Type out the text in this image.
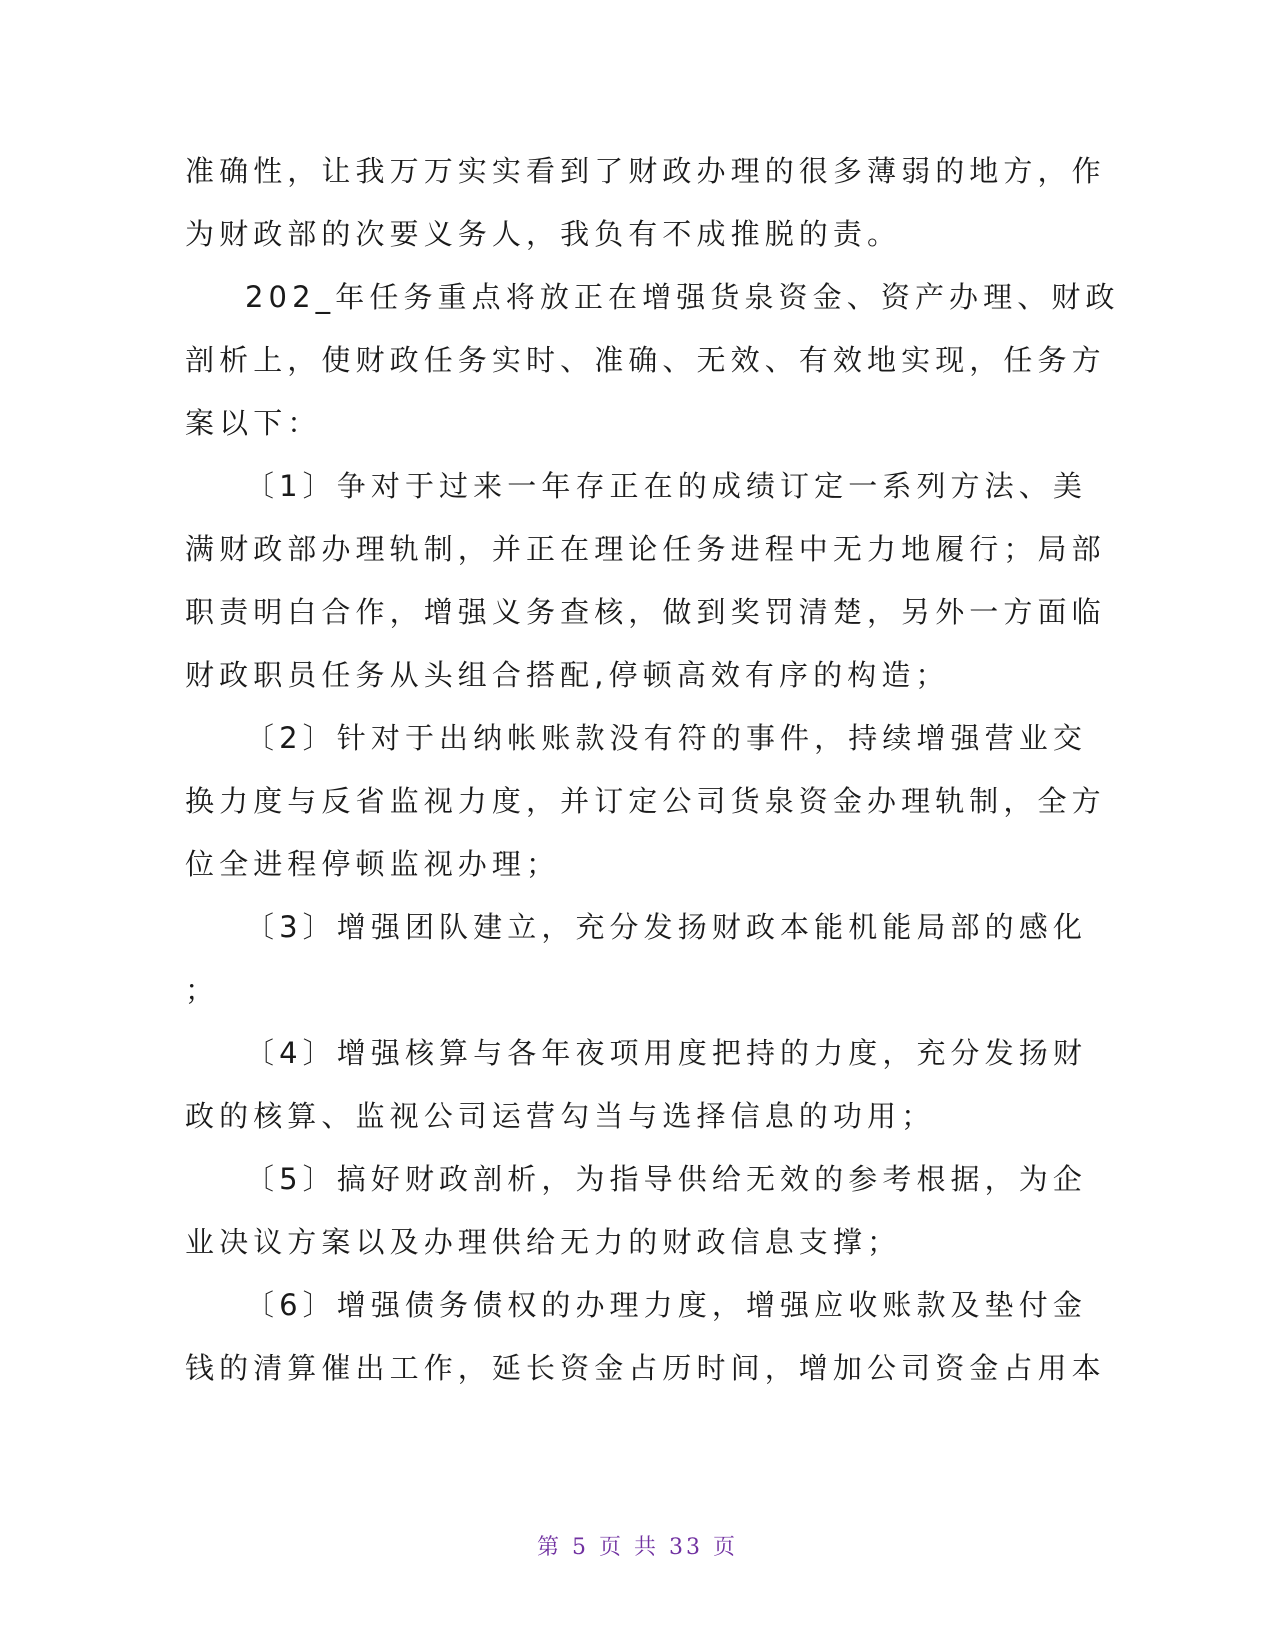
准确性，让我万万实实看到了财政办理的很多薄弱的地方，作
为财政部的次要义务人，我负有不成推脱的责。
202_年任务重点将放正在增强货泉资金、资产办理、财政
剖析上，使财政任务实时、准确、无效、有效地实现，任务方
案以下：
〔1〕争对于过来一年存正在的成绩订定一系列方法、美
满财政部办理轨制，并正在理论任务进程中无力地履行；局部
职责明白合作，增强义务查核，做到奖罚清楚，另外一方面临
财政职员任务从头组合搭配,停顿高效有序的构造；
〔2〕针对于出纳帐账款没有符的事件，持续增强营业交
换力度与反省监视力度，并订定公司货泉资金办理轨制，全方
位全进程停顿监视办理；
〔3〕增强团队建立，充分发扬财政本能机能局部的感化
；
〔4〕增强核算与各年夜项用度把持的力度，充分发扬财
政的核算、监视公司运营勾当与选择信息的功用；
〔5〕搞好财政剖析，为指导供给无效的参考根据，为企
业决议方案以及办理供给无力的财政信息支撑；
〔6〕增强债务债权的办理力度，增强应收账款及垫付金
钱的清算催出工作，延长资金占历时间，增加公司资金占用本
第 5 页 共 33 页
